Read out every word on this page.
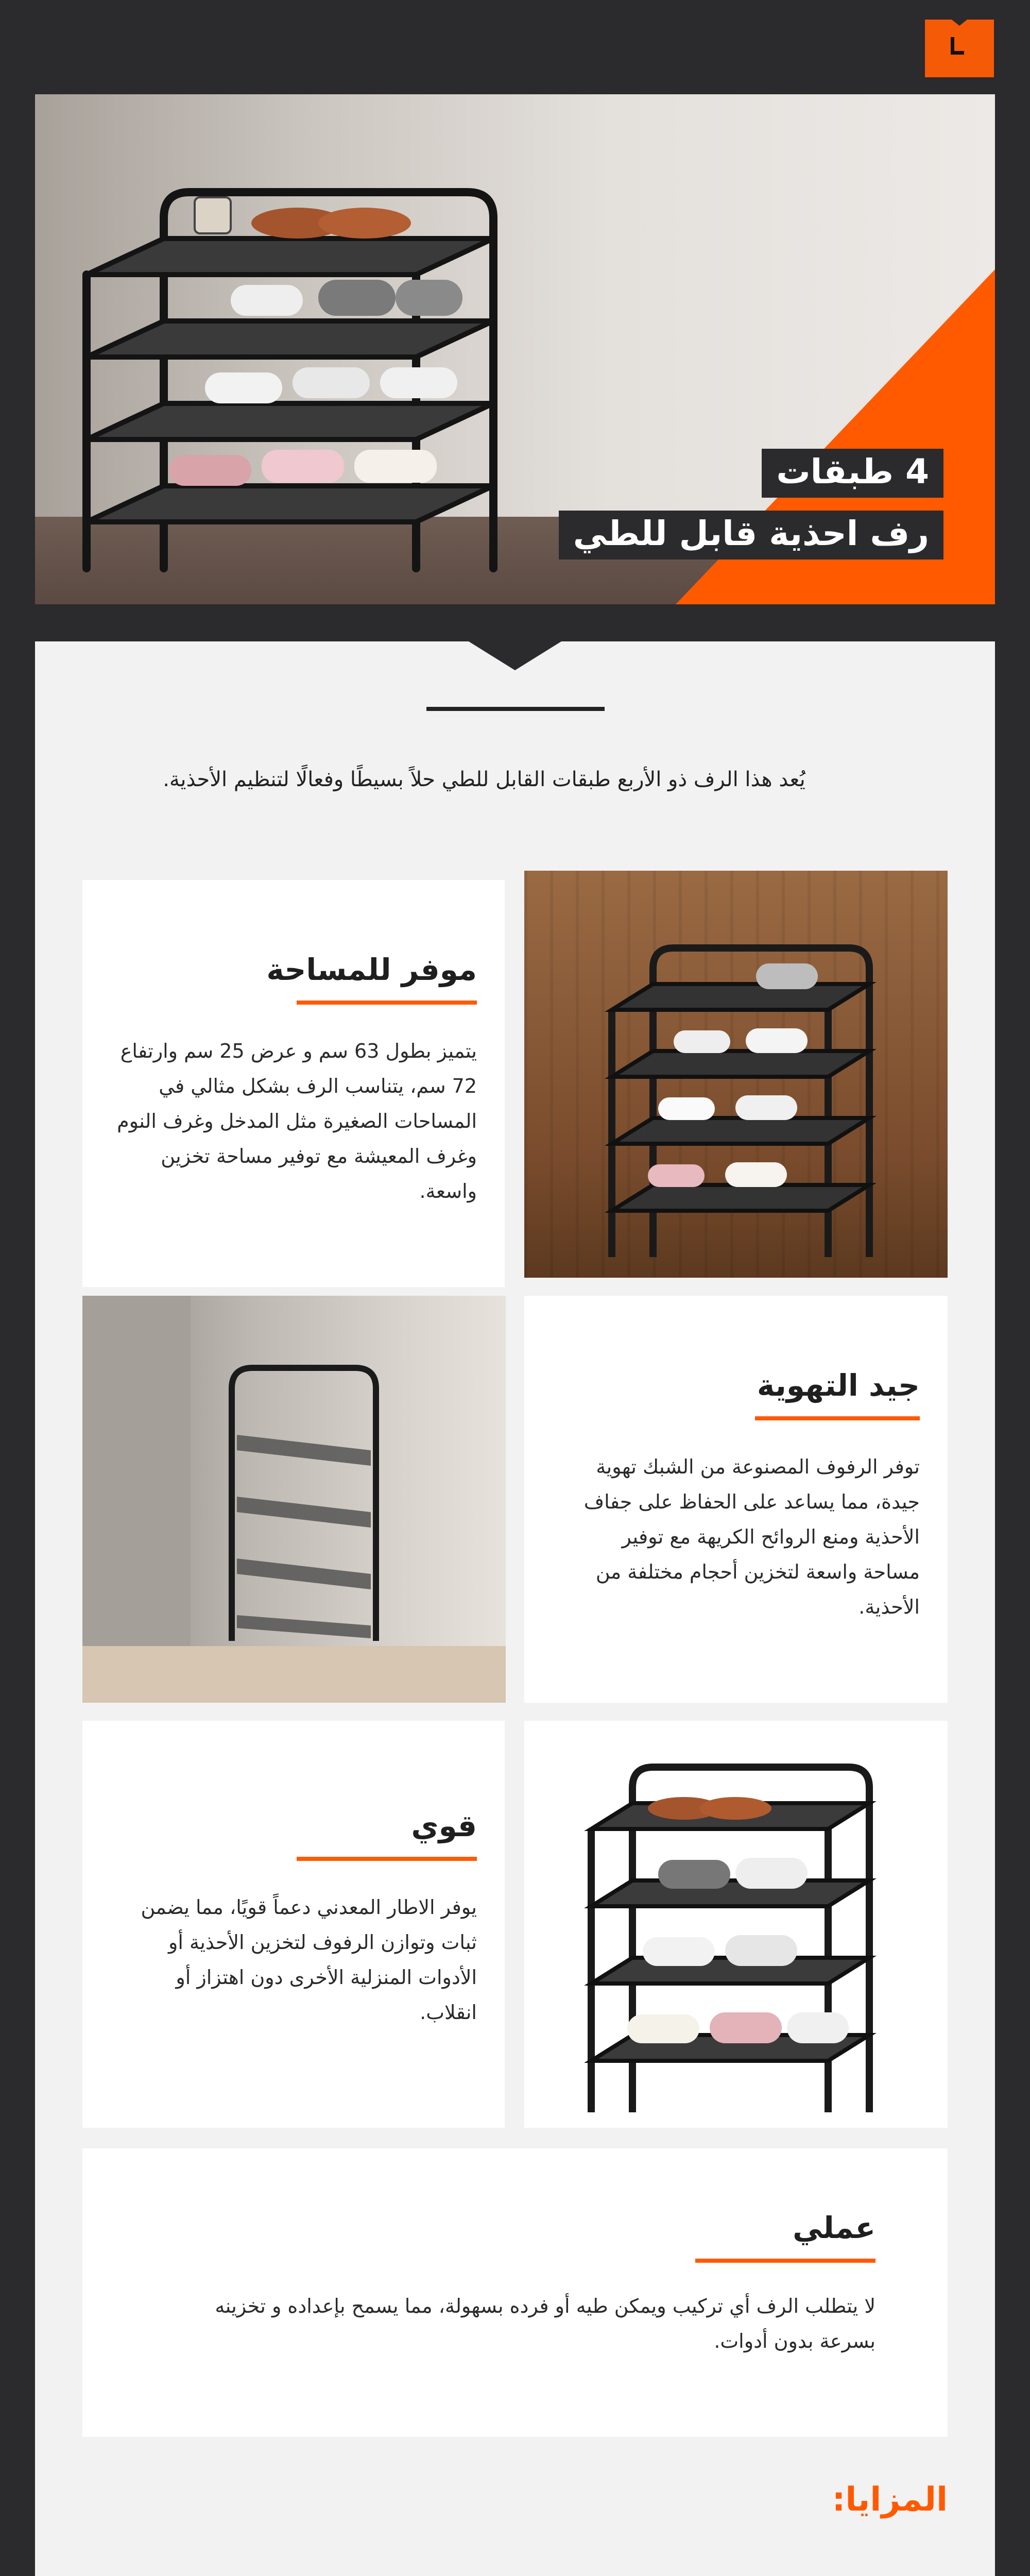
4 طبقات
رف احذية قابل للطي
يُعد هذا الرف ذو الأربع طبقات القابل للطي حلاً بسيطًا وفعالًا لتنظيم الأحذية.
موفر للمساحة

يتميز بطول 63 سم و عرض 25 سم وارتفاع 72 سم، يتناسب الرف بشكل مثالي في المساحات الصغيرة مثل المدخل وغرف النوم وغرف المعيشة مع توفير مساحة تخزين واسعة.

جيد التهوية

توفر الرفوف المصنوعة من الشبك تهوية جيدة، مما يساعد على الحفاظ على جفاف الأحذية ومنع الروائح الكريهة مع توفير مساحة واسعة لتخزين أحجام مختلفة من الأحذية.

قوي

يوفر الاطار المعدني دعماً قويًا، مما يضمن ثبات وتوازن الرفوف لتخزين الأحذية أو الأدوات المنزلية الأخرى دون اهتزاز أو انقلاب.

عملي

لا يتطلب الرف أي تركيب ويمكن طيه أو فرده بسهولة، مما يسمح بإعداده و تخزينه بسرعة بدون أدوات.

المزايا:
